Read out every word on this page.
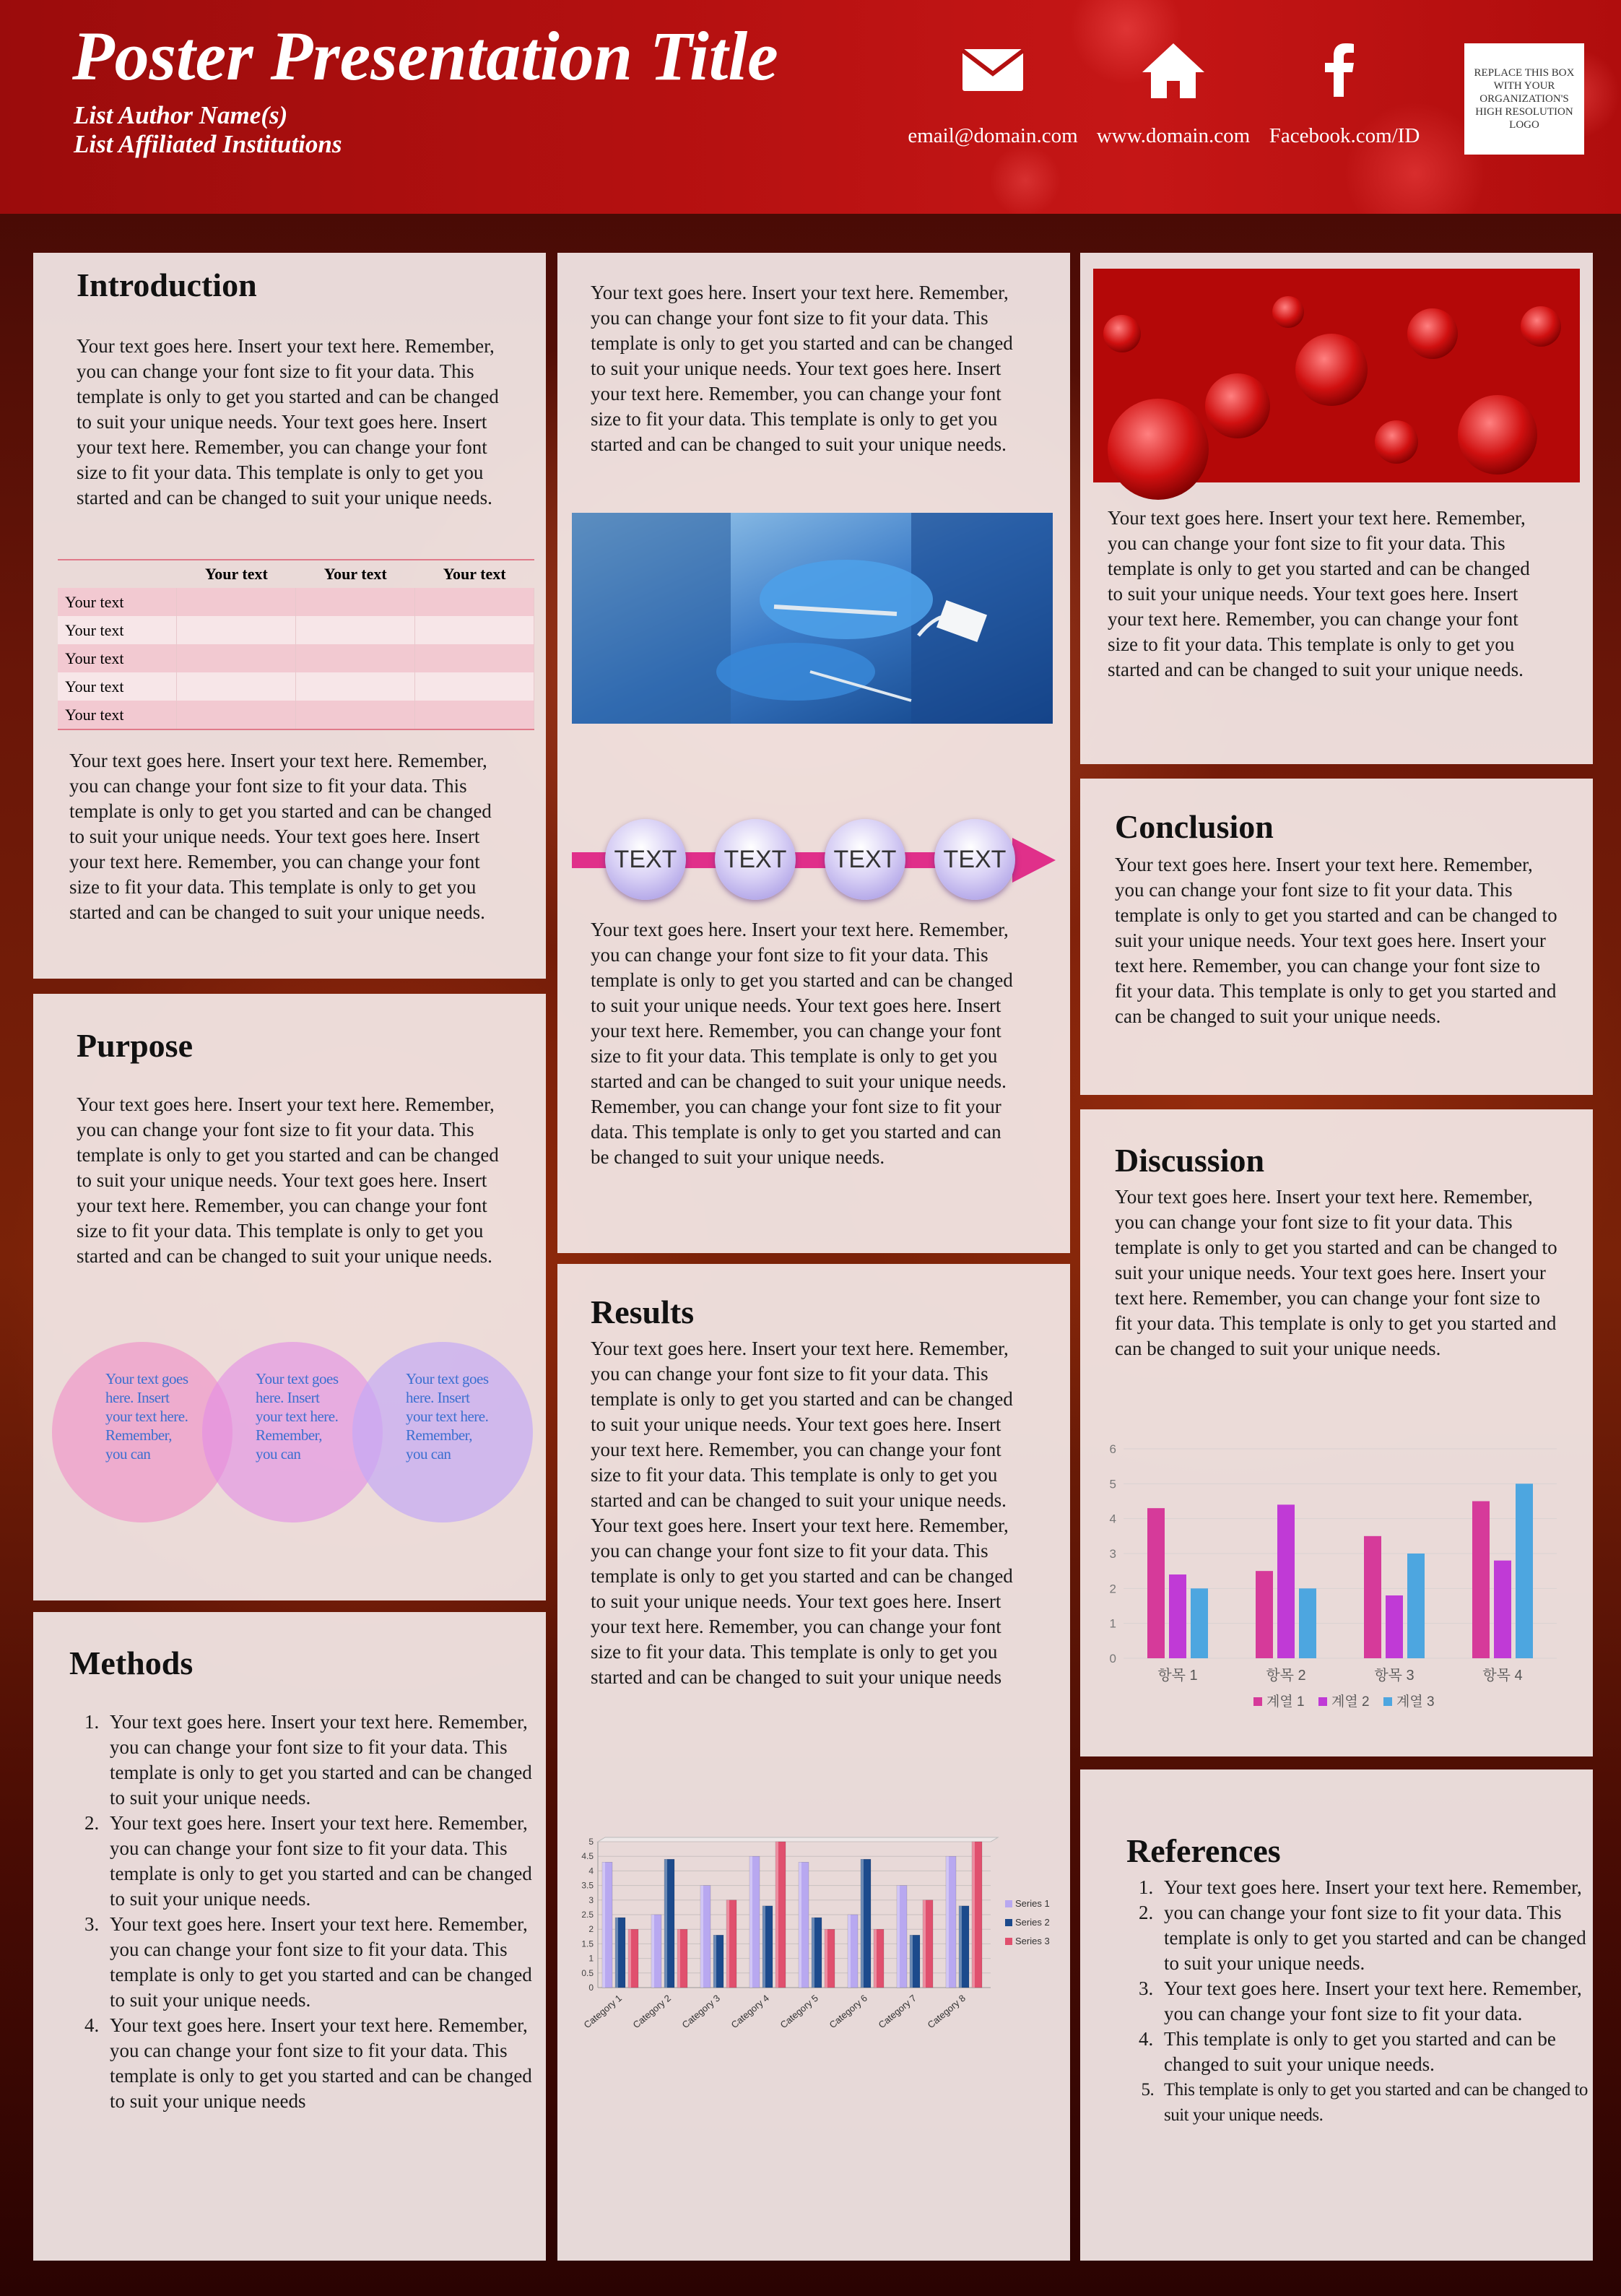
Poster Presentation Title
List Author Name(s)
List Affiliated Institutions	email@domain.com www.domain.com Facebook.com/ID
REPLACE THIS BOX WITH YOUR ORGANIZATION'S HIGH RESOLUTION LOGO
Introduction

Your text goes here. Insert your text here. Remember, you can change your font size to fit your data. This template is only to get you started and can be changed to suit your unique needs. Your text goes here. Insert your text here. Remember, you can change your font size to fit your data. This template is only to get you started and can be changed to suit your unique needs.

	Your text	Your text	Your text
Your text			
Your text			
Your text			
Your text			
Your text			

Your text goes here. Insert your text here. Remember, you can change your font size to fit your data. This template is only to get you started and can be changed to suit your unique needs. Your text goes here. Insert your text here. Remember, you can change your font size to fit your data. This template is only to get you started and can be changed to suit your unique needs.

Purpose

Your text goes here. Insert your text here. Remember, you can change your font size to fit your data. This template is only to get you started and can be changed to suit your unique needs. Your text goes here. Insert your text here. Remember, you can change your font size to fit your data. This template is only to get you started and can be changed to suit your unique needs.

Your text goes here. Insert your text here. Remember, you can
Your text goes here. Insert your text here. Remember, you can
Your text goes here. Insert your text here. Remember, you can
Methods
1. Your text goes here. Insert your text here. Remember, you can change your font size to fit your data. This template is only to get you started and can be changed to suit your unique needs.
2. Your text goes here. Insert your text here. Remember, you can change your font size to fit your data. This template is only to get you started and can be changed to suit your unique needs.
3. Your text goes here. Insert your text here. Remember, you can change your font size to fit your data. This template is only to get you started and can be changed to suit your unique needs.
4. Your text goes here. Insert your text here. Remember, you can change your font size to fit your data. This template is only to get you started and can be changed to suit your unique needs

Your text goes here. Insert your text here. Remember, you can change your font size to fit your data. This template is only to get you started and can be changed to suit your unique needs. Your text goes here. Insert your text here. Remember, you can change your font size to fit your data. This template is only to get you started and can be changed to suit your unique needs.

TEXT	TEXT	TEXT	TEXT

Your text goes here. Insert your text here. Remember, you can change your font size to fit your data. This template is only to get you started and can be changed to suit your unique needs. Your text goes here. Insert your text here. Remember, you can change your font size to fit your data. This template is only to get you started and can be changed to suit your unique needs. Remember, you can change your font size to fit your data. This template is only to get you started and can be changed to suit your unique needs.

Results

Your text goes here. Insert your text here. Remember, you can change your font size to fit your data. This template is only to get you started and can be changed to suit your unique needs. Your text goes here. Insert your text here. Remember, you can change your font size to fit your data. This template is only to get you started and can be changed to suit your unique needs. Your text goes here. Insert your text here. Remember, you can change your font size to fit your data. This template is only to get you started and can be changed to suit your unique needs. Your text goes here. Insert your text here. Remember, you can change your font size to fit your data. This template is only to get you started and can be changed to suit your unique needs

0
0.5
1
1.5
2
2.5
3
3.5
4
4.5
5
Category 1 Category 2 Category 3 Category 4 Category 5 Category 6 Category 7 Category 8
Series 1
Series 2
Series 3

Your text goes here. Insert your text here. Remember, you can change your font size to fit your data. This template is only to get you started and can be changed to suit your unique needs. Your text goes here. Insert your text here. Remember, you can change your font size to fit your data. This template is only to get you started and can be changed to suit your unique needs.

Conclusion

Your text goes here. Insert your text here. Remember, you can change your font size to fit your data. This template is only to get you started and can be changed to suit your unique needs. Your text goes here. Insert your text here. Remember, you can change your font size to fit your data. This template is only to get you started and can be changed to suit your unique needs.

Discussion

Your text goes here. Insert your text here. Remember, you can change your font size to fit your data. This template is only to get you started and can be changed to suit your unique needs. Your text goes here. Insert your text here. Remember, you can change your font size to fit your data. This template is only to get you started and can be changed to suit your unique needs.

0
1
2
3
4
5
6
항목 1	항목 2	항목 3	항목 4
계열 1 계열 2 계열 3
References
1. Your text goes here. Insert your text here. Remember,
2. you can change your font size to fit your data. This template is only to get you started and can be changed to suit your unique needs.
3. Your text goes here. Insert your text here. Remember, you can change your font size to fit your data.
4. This template is only to get you started and can be changed to suit your unique needs.
5. This template is only to get you started and can be changed to suit your unique needs.
